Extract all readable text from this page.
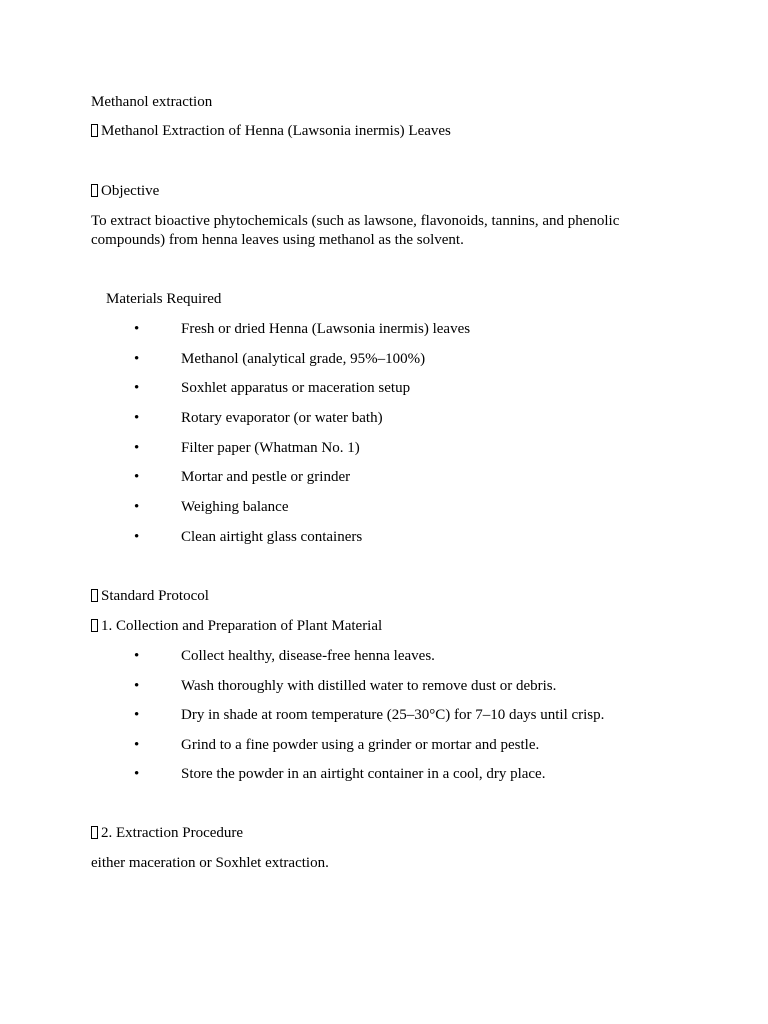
Methanol extraction
Methanol Extraction of Henna (Lawsonia inermis) Leaves
Objective
To extract bioactive phytochemicals (such as lawsone, flavonoids, tannins, and phenolic
compounds) from henna leaves using methanol as the solvent.
Materials Required
•	Fresh or dried Henna (Lawsonia inermis) leaves
•	Methanol (analytical grade, 95%–100%)
•	Soxhlet apparatus or maceration setup
•	Rotary evaporator (or water bath)
•	Filter paper (Whatman No. 1)
•	Mortar and pestle or grinder
•	Weighing balance
•	Clean airtight glass containers
Standard Protocol
1. Collection and Preparation of Plant Material
•	Collect healthy, disease-free henna leaves.
•	Wash thoroughly with distilled water to remove dust or debris.
•	Dry in shade at room temperature (25–30°C) for 7–10 days until crisp.
•	Grind to a fine powder using a grinder or mortar and pestle.
•	Store the powder in an airtight container in a cool, dry place.
2. Extraction Procedure
either maceration or Soxhlet extraction.
